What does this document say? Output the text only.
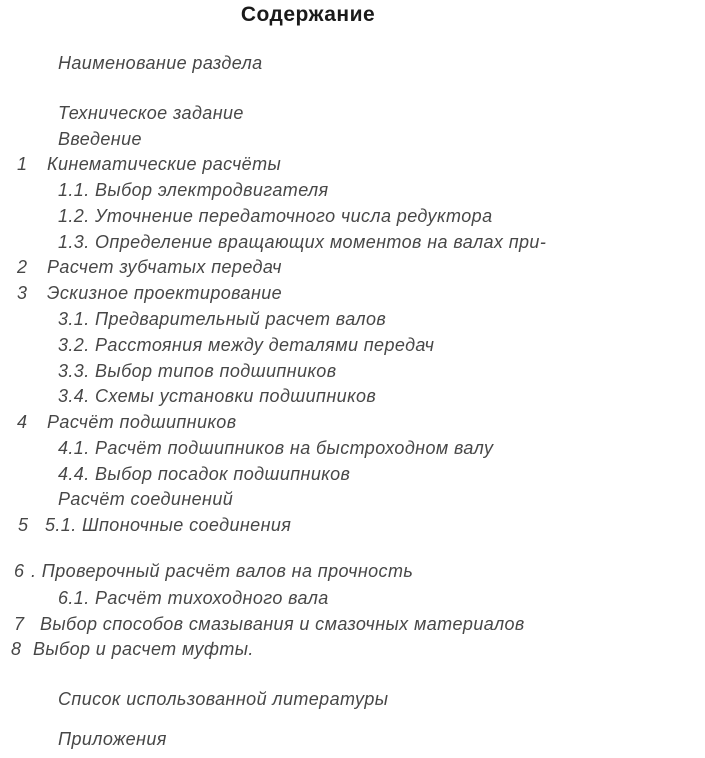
Содержание
Наименование раздела
Техническое задание
Введение
1 Кинематические расчёты
1.1. Выбор электродвигателя
1.2. Уточнение передаточного числа редуктора
1.3. Определение вращающих моментов на валах при-
2 Расчет зубчатых передач
3 Эскизное проектирование
3.1. Предварительный расчет валов
3.2. Расстояния между деталями передач
3.3. Выбор типов подшипников
3.4. Схемы установки подшипников
4 Расчёт подшипников
4.1. Расчёт подшипников на быстроходном валу
4.4. Выбор посадок подшипников
Расчёт соединений
5 5.1. Шпоночные соединения
6 . Проверочный расчёт валов на прочность
6.1. Расчёт тихоходного вала
7 Выбор способов смазывания и смазочных материалов
8 Выбор и расчет муфты.
Список использованной литературы
Приложения
